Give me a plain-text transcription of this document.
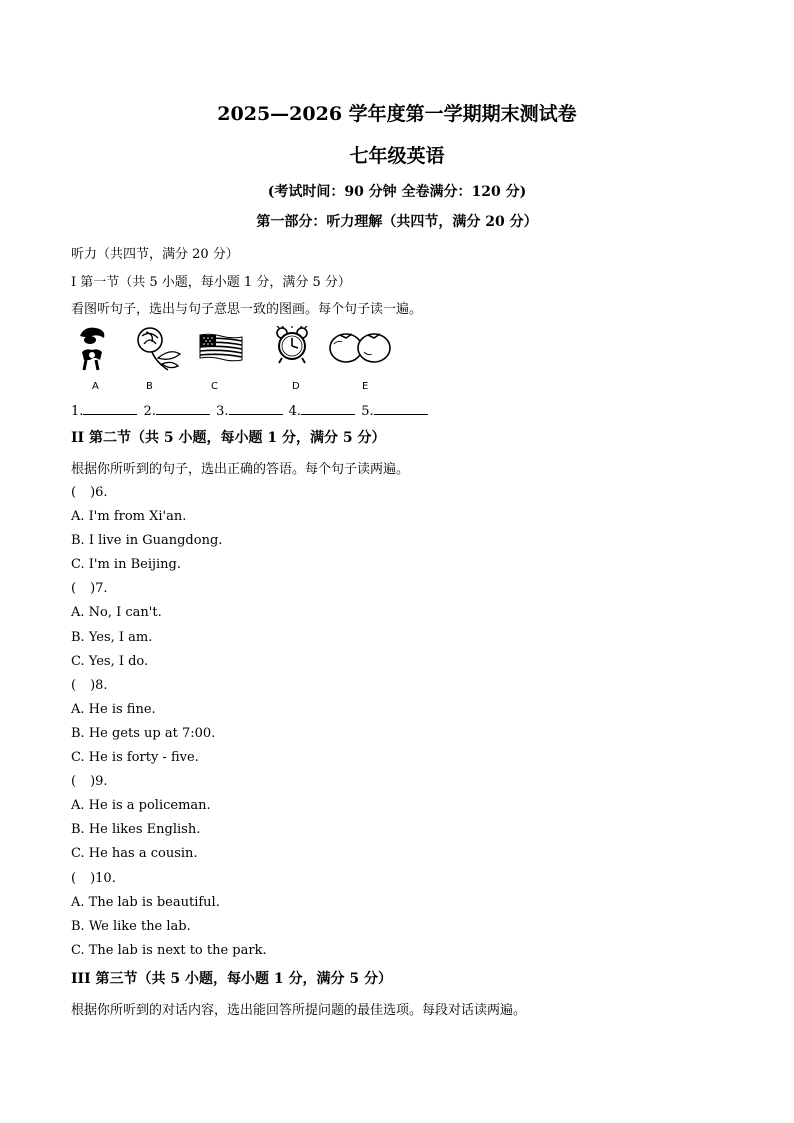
2025—2026 学年度第一学期期末测试卷
七年级英语
(考试时间：90 分钟 全卷满分：120 分)
第一部分：听力理解（共四节，满分 20 分）
听力（共四节，满分 20 分）
I 第一节（共 5 小题，每小题 1 分，满分 5 分）
看图听句子，选出与句子意思一致的图画。每个句子读一遍。
A	B	C	D	E
1.	2.	3.	4.	5.
II 第二节（共 5 小题，每小题 1 分，满分 5 分）
根据你所听到的句子，选出正确的答语。每个句子读两遍。
( )6.
A. I'm from Xi'an.
B. I live in Guangdong.
C. I'm in Beijing.
( )7.
A. No, I can't.
B. Yes, I am.
C. Yes, I do.
( )8.
A. He is fine.
B. He gets up at 7:00.
C. He is forty - five.
( )9.
A. He is a policeman.
B. He likes English.
C. He has a cousin.
( )10.
A. The lab is beautiful.
B. We like the lab.
C. The lab is next to the park.
III 第三节（共 5 小题，每小题 1 分，满分 5 分）
根据你所听到的对话内容，选出能回答所提问题的最佳选项。每段对话读两遍。
